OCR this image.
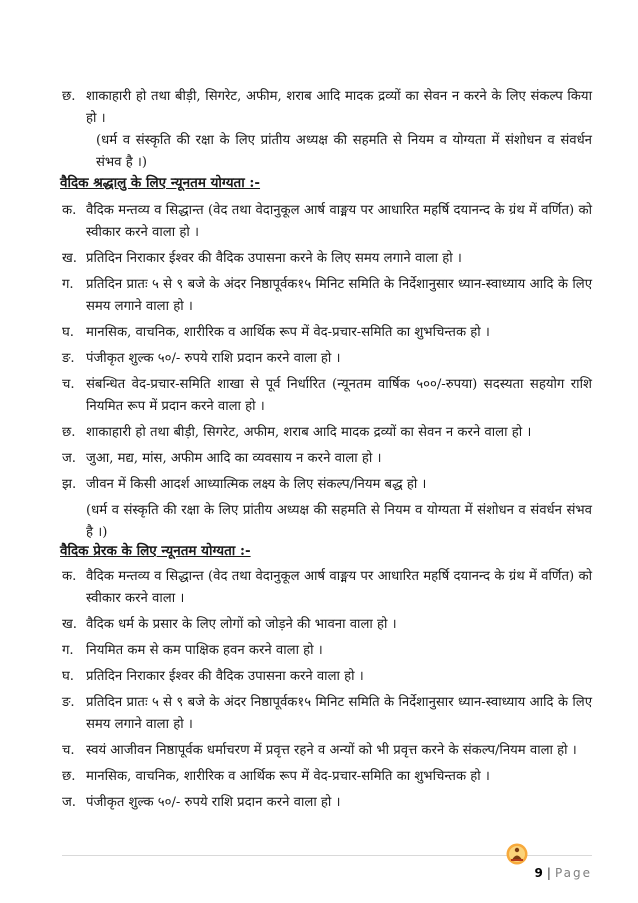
छ. शाकाहारी हो तथा बीड़ी, सिगरेट, अफीम, शराब आदि मादक द्रव्यों का सेवन न करने के लिए संकल्प किया हो ।

(धर्म व संस्कृति की रक्षा के लिए प्रांतीय अध्यक्ष की सहमति से नियम व योग्यता में संशोधन व संवर्धन संभव है ।)
वैदिक श्रद्धालु के लिए न्यूनतम योग्यता :-

क. वैदिक मन्तव्य व सिद्धान्त (वेद तथा वेदानुकूल आर्ष वाङ्मय पर आधारित महर्षि दयानन्द के ग्रंथ में वर्णित) को स्वीकार करने वाला हो ।

ख. प्रतिदिन निराकार ईश्वर की वैदिक उपासना करने के लिए समय लगाने वाला हो ।

ग. प्रतिदिन प्रातः ५ से ९ बजे के अंदर निष्ठापूर्वक१५ मिनिट समिति के निर्देशानुसार ध्यान-स्वाध्याय आदि के लिए समय लगाने वाला हो ।

घ. मानसिक, वाचनिक, शारीरिक व आर्थिक रूप में वेद-प्रचार-समिति का शुभचिन्तक हो ।

ङ. पंजीकृत शुल्क ५०/- रुपये राशि प्रदान करने वाला हो ।

च. संबन्धित वेद-प्रचार-समिति शाखा से पूर्व निर्धारित (न्यूनतम वार्षिक ५००/-रुपया) सदस्यता सहयोग राशि नियमित रूप में प्रदान करने वाला हो ।

छ. शाकाहारी हो तथा बीड़ी, सिगरेट, अफीम, शराब आदि मादक द्रव्यों का सेवन न करने वाला हो ।

ज. जुआ, मद्य, मांस, अफीम आदि का व्यवसाय न करने वाला हो ।

झ. जीवन में किसी आदर्श आध्यात्मिक लक्ष्य के लिए संकल्प/नियम बद्ध हो ।

(धर्म व संस्कृति की रक्षा के लिए प्रांतीय अध्यक्ष की सहमति से नियम व योग्यता में संशोधन व संवर्धन संभव है ।)
वैदिक प्रेरक के लिए न्यूनतम योग्यता :-

क. वैदिक मन्तव्य व सिद्धान्त (वेद तथा वेदानुकूल आर्ष वाङ्मय पर आधारित महर्षि दयानन्द के ग्रंथ में वर्णित) को स्वीकार करने वाला ।

ख. वैदिक धर्म के प्रसार के लिए लोगों को जोड़ने की भावना वाला हो ।

ग. नियमित कम से कम पाक्षिक हवन करने वाला हो ।

घ. प्रतिदिन निराकार ईश्वर की वैदिक उपासना करने वाला हो ।

ङ. प्रतिदिन प्रातः ५ से ९ बजे के अंदर निष्ठापूर्वक१५ मिनिट समिति के निर्देशानुसार ध्यान-स्वाध्याय आदि के लिए समय लगाने वाला हो ।

च. स्वयं आजीवन निष्ठापूर्वक धर्माचरण में प्रवृत्त रहने व अन्यों को भी प्रवृत्त करने के संकल्प/नियम वाला हो ।

छ. मानसिक, वाचनिक, शारीरिक व आर्थिक रूप में वेद-प्रचार-समिति का शुभचिन्तक हो ।

ज. पंजीकृत शुल्क ५०/- रुपये राशि प्रदान करने वाला हो ।

9 | Page
